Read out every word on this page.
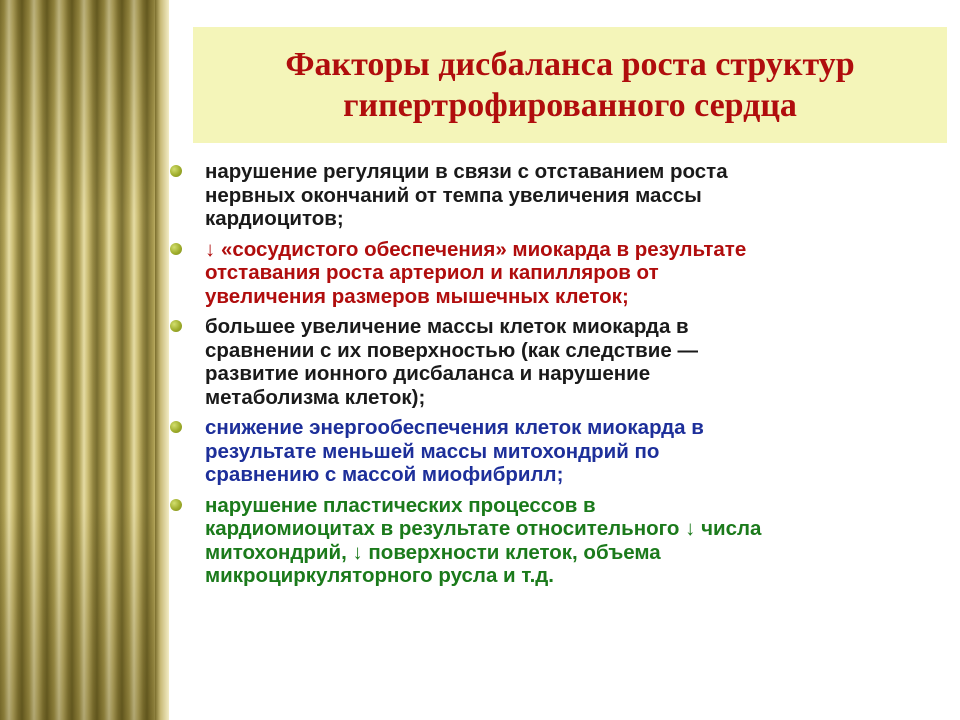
Факторы дисбаланса роста структур
гипертрофированного сердца
нарушение регуляции в связи с отставанием роста
нервных окончаний от темпа увеличения массы
кардиоцитов;
↓ «сосудистого обеспечения» миокарда в результате
отставания роста артериол и капилляров от
увеличения размеров мышечных клеток;
большее увеличение массы клеток миокарда в
сравнении с их поверхностью (как следствие —
развитие ионного дисбаланса и нарушение
метаболизма клеток);
снижение энергообеспечения клеток миокарда в
результате меньшей массы митохондрий по
сравнению с массой миофибрилл;
нарушение пластических процессов в
кардиомиоцитах в результате относительного ↓ числа
митохондрий, ↓ поверхности клеток, объема
микроциркуляторного русла и т.д.
